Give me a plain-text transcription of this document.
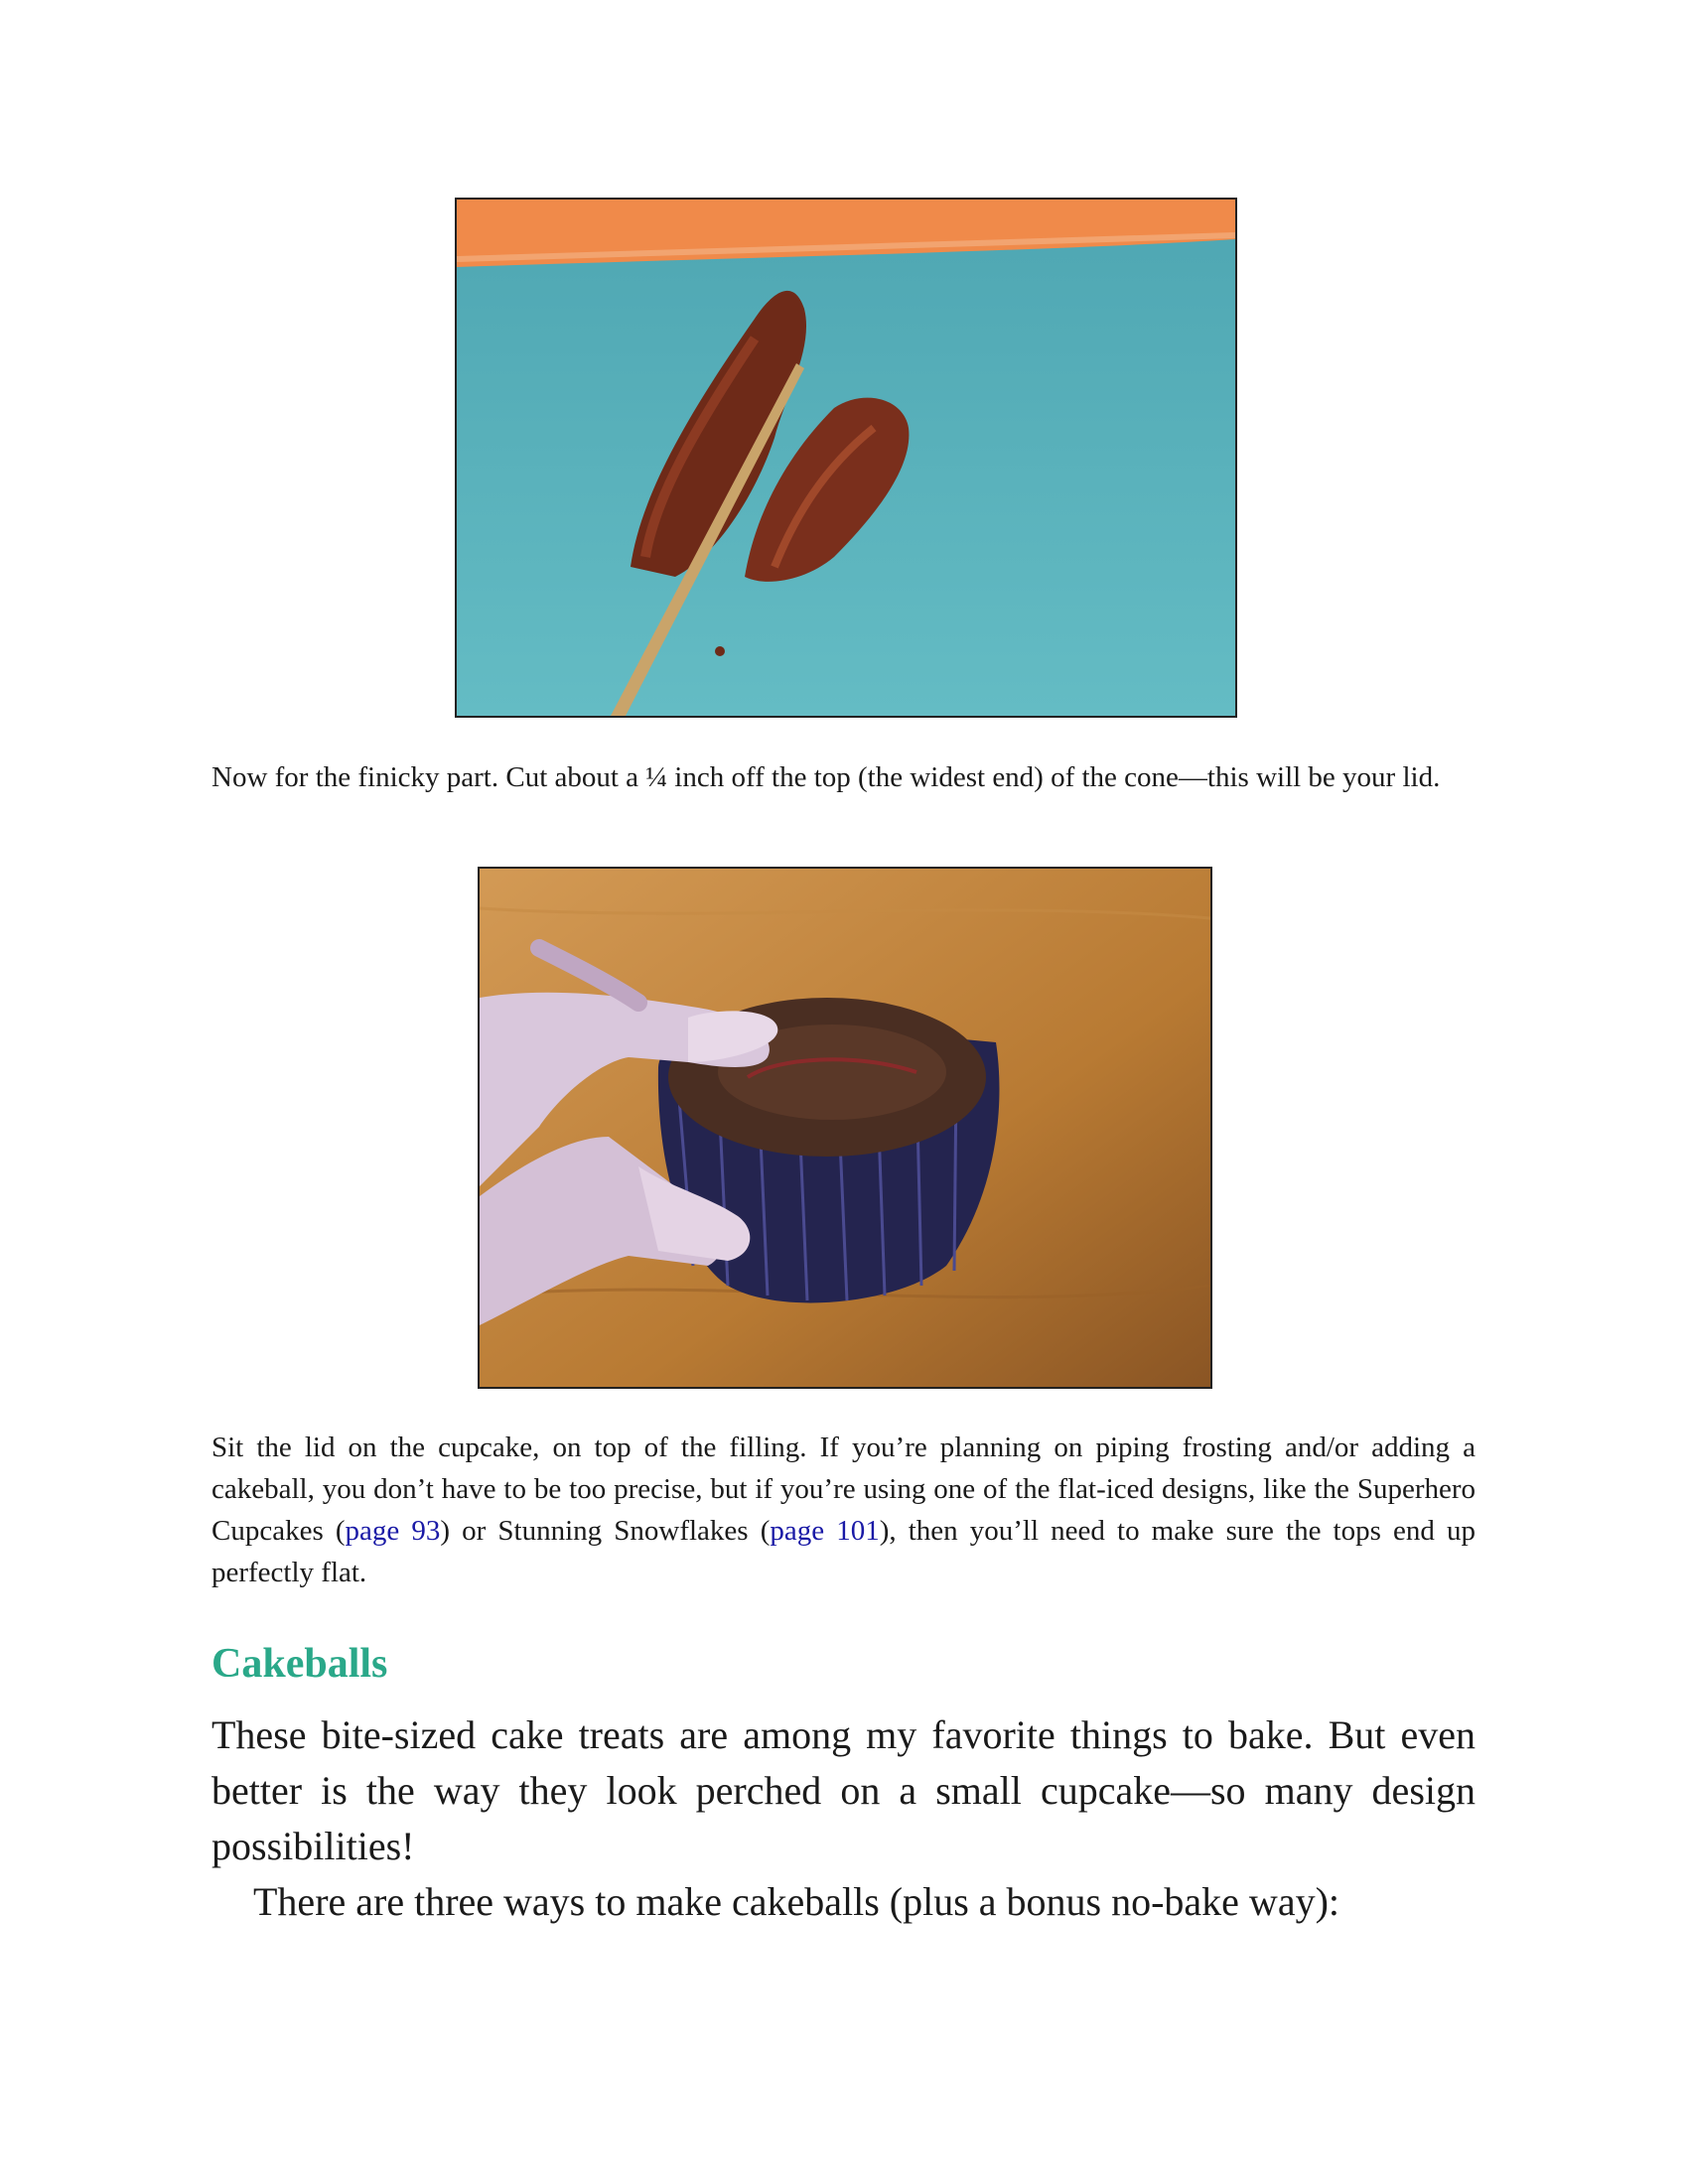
Now for the finicky part. Cut about a ¼ inch off the top (the widest end) of the cone—this will be your lid.

Sit the lid on the cupcake, on top of the filling. If you’re planning on piping frosting and/or adding a cakeball, you don’t have to be too precise, but if you’re using one of the flat-iced designs, like the Superhero Cupcakes (page 93) or Stunning Snowflakes (page 101), then you’ll need to make sure the tops end up perfectly flat.

Cakeballs

These bite-sized cake treats are among my favorite things to bake. But even better is the way they look perched on a small cupcake—so many design possibilities!

There are three ways to make cakeballs (plus a bonus no-bake way):
